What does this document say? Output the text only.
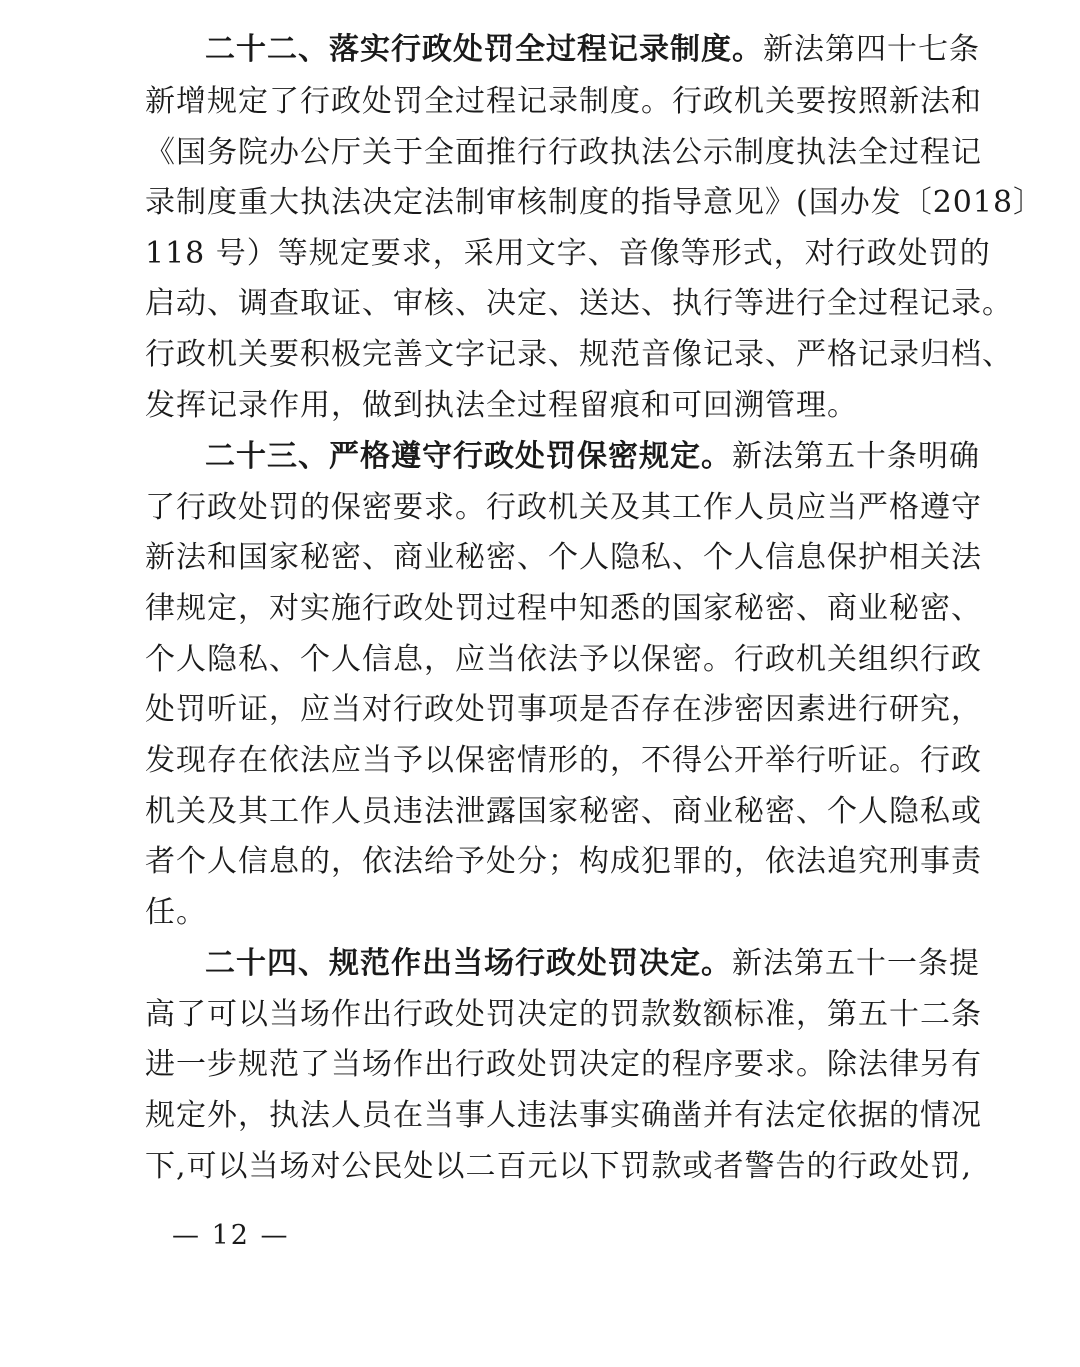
二十二、落实行政处罚全过程记录制度。新法第四十七条
新增规定了行政处罚全过程记录制度。行政机关要按照新法和
《国务院办公厅关于全面推行行政执法公示制度执法全过程记
录制度重大执法决定法制审核制度的指导意见》(国办发〔2018〕
118 号）等规定要求，采用文字、音像等形式，对行政处罚的
启动、调查取证、审核、决定、送达、执行等进行全过程记录。
行政机关要积极完善文字记录、规范音像记录、严格记录归档、
发挥记录作用，做到执法全过程留痕和可回溯管理。
二十三、严格遵守行政处罚保密规定。新法第五十条明确
了行政处罚的保密要求。行政机关及其工作人员应当严格遵守
新法和国家秘密、商业秘密、个人隐私、个人信息保护相关法
律规定，对实施行政处罚过程中知悉的国家秘密、商业秘密、
个人隐私、个人信息，应当依法予以保密。行政机关组织行政
处罚听证，应当对行政处罚事项是否存在涉密因素进行研究，
发现存在依法应当予以保密情形的，不得公开举行听证。行政
机关及其工作人员违法泄露国家秘密、商业秘密、个人隐私或
者个人信息的，依法给予处分；构成犯罪的，依法追究刑事责
任。
二十四、规范作出当场行政处罚决定。新法第五十一条提
高了可以当场作出行政处罚决定的罚款数额标准，第五十二条
进一步规范了当场作出行政处罚决定的程序要求。除法律另有
规定外，执法人员在当事人违法事实确凿并有法定依据的情况
下,可以当场对公民处以二百元以下罚款或者警告的行政处罚,
— 12 —
